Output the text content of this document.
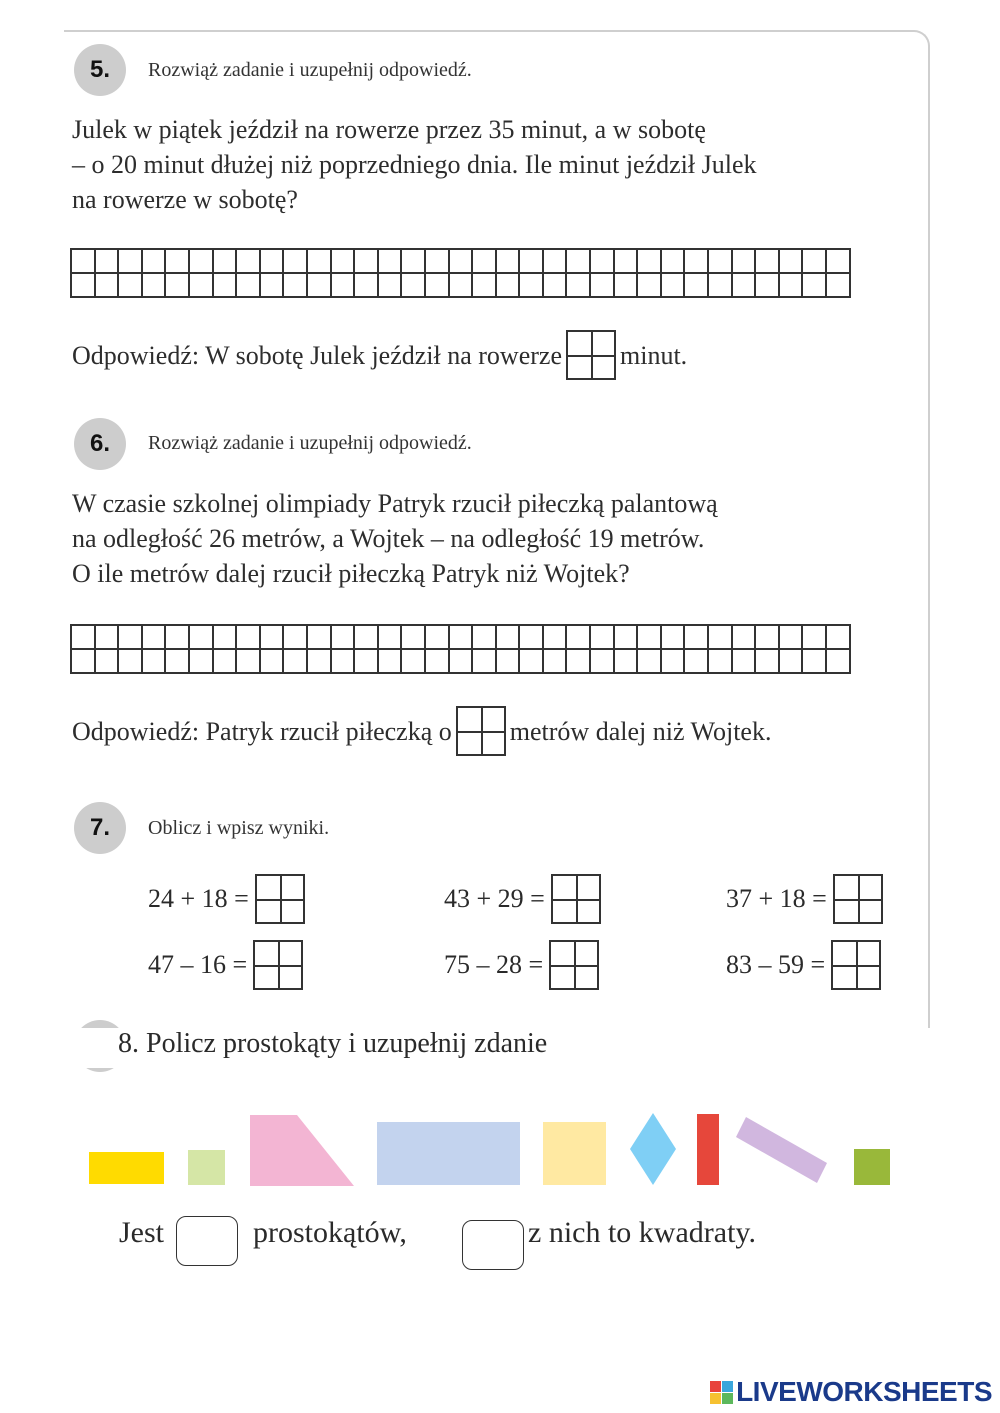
5. Rozwiąż zadanie i uzupełnij odpowiedź.
Julek w piątek jeździł na rowerze przez 35 minut, a w sobotę
– o 20 minut dłużej niż poprzedniego dnia. Ile minut jeździł Julek
na rowerze w sobotę?

Odpowiedź: W sobotę Julek jeździł na rowerze minut.
6. Rozwiąż zadanie i uzupełnij odpowiedź.
W czasie szkolnej olimpiady Patryk rzucił piłeczką palantową
na odległość 26 metrów, a Wojtek – na odległość 19 metrów.
O ile metrów dalej rzucił piłeczką Patryk niż Wojtek?

Odpowiedź: Patryk rzucił piłeczką o metrów dalej niż Wojtek.
7. Oblicz i wpisz wyniki.
24 + 18 =	43 + 29 =	37 + 18 =
47 – 16 =	75 – 28 =	83 – 59 =
8. Policz prostokąty i uzupełnij zdanie
Jest	prostokątów,	z nich to kwadraty.
LIVEWORKSHEETS
